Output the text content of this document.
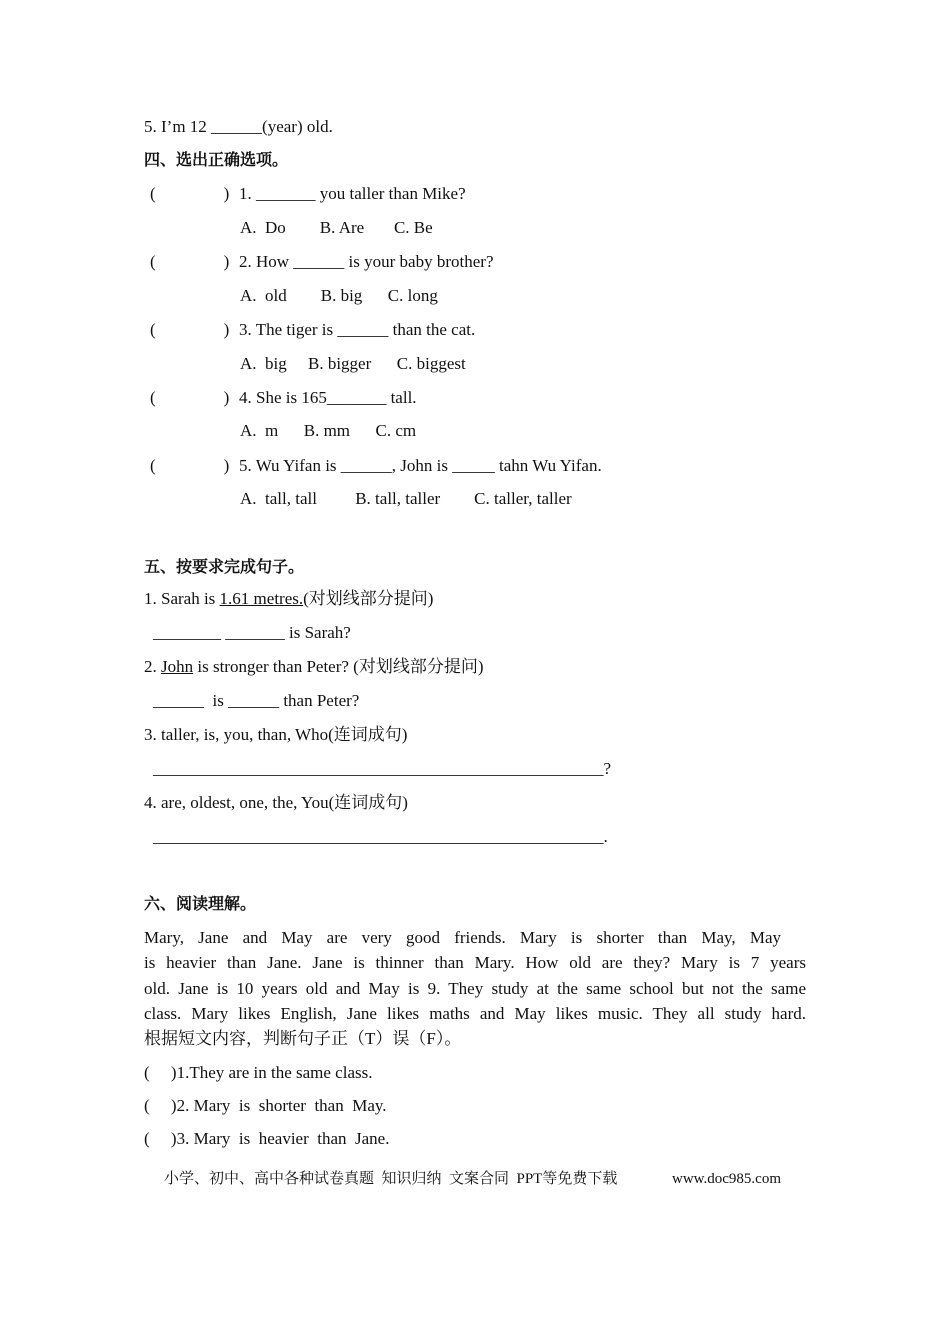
5. I’m 12 ______(year) old.
四、选出正确选项。
(　　　　) 1. _______ you taller than Mike?
A.  Do        B. Are       C. Be
(　　　　) 2. How ______ is your baby brother?
A.  old        B. big      C. long
(　　　　) 3. The tiger is ______ than the cat.
A.  big     B. bigger      C. biggest
(　　　　) 4. She is 165_______ tall.
A.  m      B. mm      C. cm
(　　　　) 5. Wu Yifan is ______, John is _____ tahn Wu Yifan.
A.  tall, tall         B. tall, taller        C. taller, taller
五、按要求完成句子。
1. Sarah is 1.61 metres.(对划线部分提问)
________ _______ is Sarah?
2. John is stronger than Peter? (对划线部分提问)
______  is ______ than Peter?
3. taller, is, you, than, Who(连词成句)
_____________________________________________________?
4. are, oldest, one, the, You(连词成句)
_____________________________________________________.
六、阅读理解。
Mary, Jane and May are very good friends. Mary is shorter than May, May
is heavier than Jane. Jane is thinner than Mary. How old are they? Mary is 7 years
old. Jane is 10 years old and May is 9. They study at the same school but not the same
class. Mary likes English, Jane likes maths and May likes music. They all study hard.
根据短文内容，判断句子正（T）误（F）。
(     )1.They are in the same class.
(     )2. Mary  is  shorter  than  May.
(     )3. Mary  is  heavier  than  Jane.
小学、初中、高中各种试卷真题  知识归纳  文案合同  PPT等免费下载	www.doc985.com
